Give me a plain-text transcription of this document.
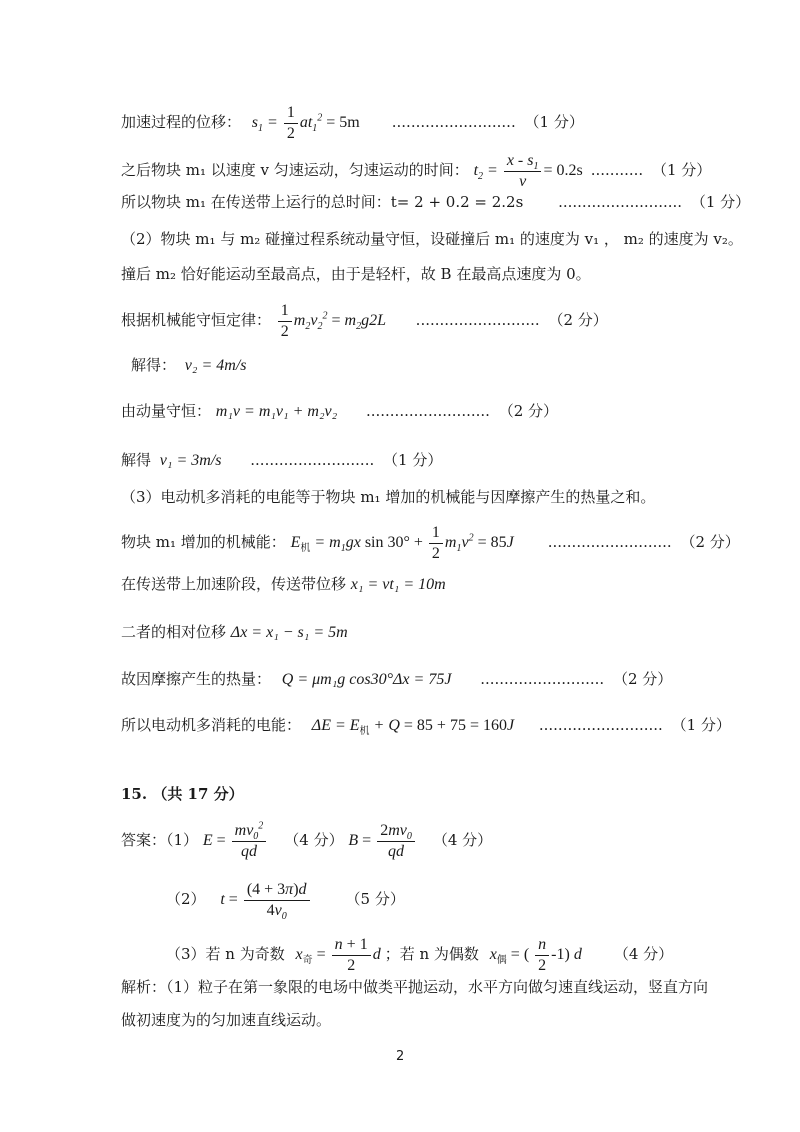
加速过程的位移： $s_1 = \frac{1}{2} at_1^2 = 5m$ .......................... （1 分）
之后物块 m₁ 以速度 v 匀速运动，匀速运动的时间： $t_2 = \frac{x - s_1}{v} = 0.2s$ ........... （1 分）
所以物块 m₁ 在传送带上运行的总时间：t= 2 + 0.2 = 2.2s .......................... （1 分）
（2）物块 m₁ 与 m₂ 碰撞过程系统动量守恒，设碰撞后 m₁ 的速度为 v₁ ， m₂ 的速度为 v₂。
撞后 m₂ 恰好能运动至最高点，由于是轻杆，故 B 在最高点速度为 0。
根据机械能守恒定律： $\frac{1}{2} m_2v_2^2 = m_2g2L$ .......................... （2 分）
解得： v₂ = 4m/s
由动量守恒： m₁v = m₁v₁ + m₂v₂ .......................... （2 分）
解得 v₁ = 3m/s .......................... （1 分）
（3）电动机多消耗的电能等于物块 m₁ 增加的机械能与因摩擦产生的热量之和。
物块 m₁ 增加的机械能： $E_机 = m_1gx$ $\sin 30^\circ + \frac{1}{2} m_1v^2 = 85J$ .......................... （2 分）
在传送带上加速阶段，传送带位移 x₁ = vt₁ = 10m
二者的相对位移 Δx = x₁ − s₁ = 5m
故因摩擦产生的热量： Q = μm₁g cos30°Δx = 75J .......................... （2 分）
所以电动机多消耗的电能： $\Delta E = E_机 + Q = 85 + 75 = 160J$ .......................... （1 分）
15. （共 17 分）
答案：（1） $E = \frac{mv_0^2}{qd} (4$ 分） $B = \frac{2mv_0}{qd} (4$ 分）
（2） $t = \frac{(4 + 3\pi)d}{4v_0} (5$ 分）
（3）若 n 为奇数 $x_奇 = \frac{n + 1}{2}$ d ；若 n 为偶数 $x_偶$ = ( $\frac{n}{2} -1$) d （4 分）
解析：（1）粒子在第一象限的电场中做类平抛运动，水平方向做匀速直线运动，竖直方向
做初速度为的匀加速直线运动。
2
